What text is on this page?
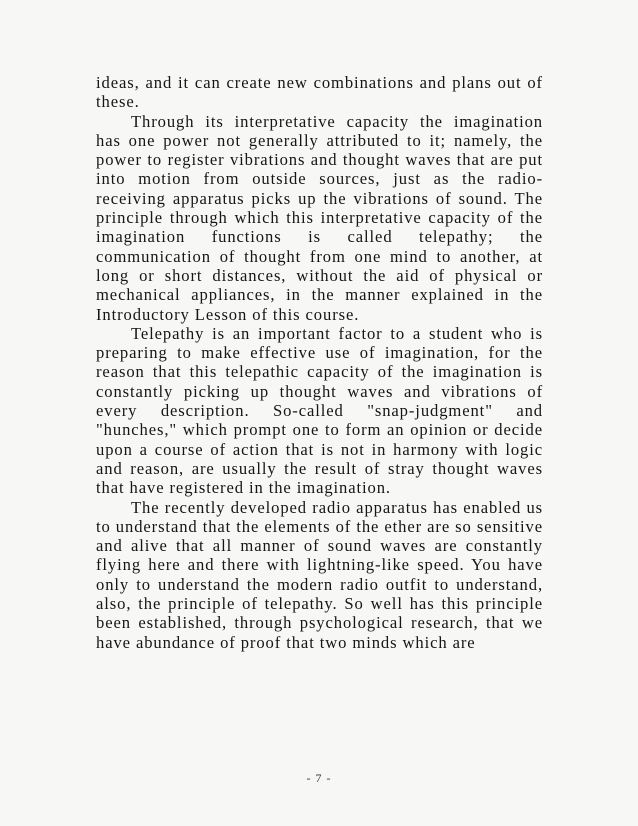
ideas, and it can create new combinations and plans out of these.

Through its interpretative capacity the imagination has one power not generally attributed to it; namely, the power to register vibrations and thought waves that are put into motion from outside sources, just as the radio-receiving apparatus picks up the vibrations of sound. The principle through which this interpretative capacity of the imagination functions is called telepathy; the communication of thought from one mind to another, at long or short distances, without the aid of physical or mechanical appliances, in the manner explained in the Introductory Lesson of this course.

Telepathy is an important factor to a student who is preparing to make effective use of imagination, for the reason that this telepathic capacity of the imagination is constantly picking up thought waves and vibrations of every description. So-called "snap-judgment" and "hunches," which prompt one to form an opinion or decide upon a course of action that is not in harmony with logic and reason, are usually the result of stray thought waves that have registered in the imagination.

The recently developed radio apparatus has enabled us to understand that the elements of the ether are so sensitive and alive that all manner of sound waves are constantly flying here and there with lightning-like speed. You have only to understand the modern radio outfit to understand, also, the principle of telepathy. So well has this principle been established, through psychological research, that we have abundance of proof that two minds which are

- 7 -
